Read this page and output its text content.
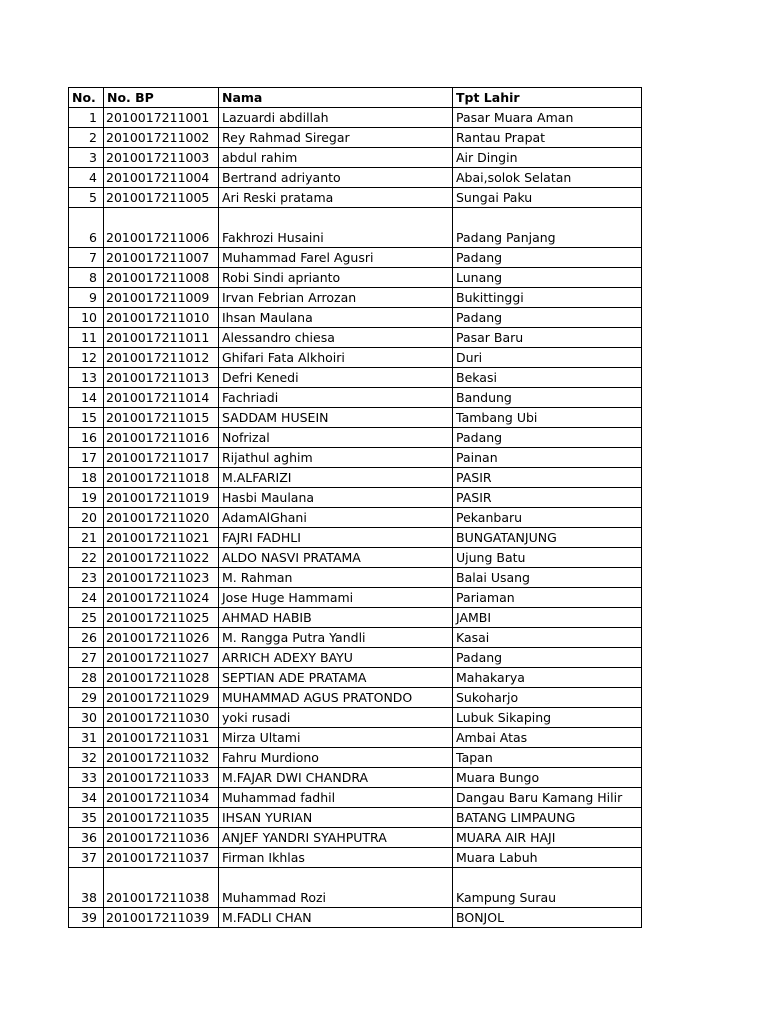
No.	No. BP	Nama	Tpt Lahir
1	2010017211001	Lazuardi abdillah	Pasar Muara Aman
2	2010017211002	Rey Rahmad Siregar	Rantau Prapat
3	2010017211003	abdul rahim	Air Dingin
4	2010017211004	Bertrand adriyanto	Abai,solok Selatan
5	2010017211005	Ari Reski pratama	Sungai Paku
6	2010017211006	Fakhrozi Husaini	Padang Panjang
7	2010017211007	Muhammad Farel Agusri	Padang
8	2010017211008	Robi Sindi aprianto	Lunang
9	2010017211009	Irvan Febrian Arrozan	Bukittinggi
10	2010017211010	Ihsan Maulana	Padang
11	2010017211011	Alessandro chiesa	Pasar Baru
12	2010017211012	Ghifari Fata Alkhoiri	Duri
13	2010017211013	Defri Kenedi	Bekasi
14	2010017211014	Fachriadi	Bandung
15	2010017211015	SADDAM HUSEIN	Tambang Ubi
16	2010017211016	Nofrizal	Padang
17	2010017211017	Rijathul aghim	Painan
18	2010017211018	M.ALFARIZI	PASIR
19	2010017211019	Hasbi Maulana	PASIR
20	2010017211020	AdamAlGhani	Pekanbaru
21	2010017211021	FAJRI FADHLI	BUNGATANJUNG
22	2010017211022	ALDO NASVI PRATAMA	Ujung Batu
23	2010017211023	M. Rahman	Balai Usang
24	2010017211024	Jose Huge Hammami	Pariaman
25	2010017211025	AHMAD HABIB	JAMBI
26	2010017211026	M. Rangga Putra Yandli	Kasai
27	2010017211027	ARRICH ADEXY BAYU	Padang
28	2010017211028	SEPTIAN ADE PRATAMA	Mahakarya
29	2010017211029	MUHAMMAD AGUS PRATONDO	Sukoharjo
30	2010017211030	yoki rusadi	Lubuk Sikaping
31	2010017211031	Mirza Ultami	Ambai Atas
32	2010017211032	Fahru Murdiono	Tapan
33	2010017211033	M.FAJAR DWI CHANDRA	Muara Bungo
34	2010017211034	Muhammad fadhil	Dangau Baru Kamang Hilir
35	2010017211035	IHSAN YURIAN	BATANG LIMPAUNG
36	2010017211036	ANJEF YANDRI SYAHPUTRA	MUARA AIR HAJI
37	2010017211037	Firman Ikhlas	Muara Labuh
38	2010017211038	Muhammad Rozi	Kampung Surau
39	2010017211039	M.FADLI CHAN	BONJOL
